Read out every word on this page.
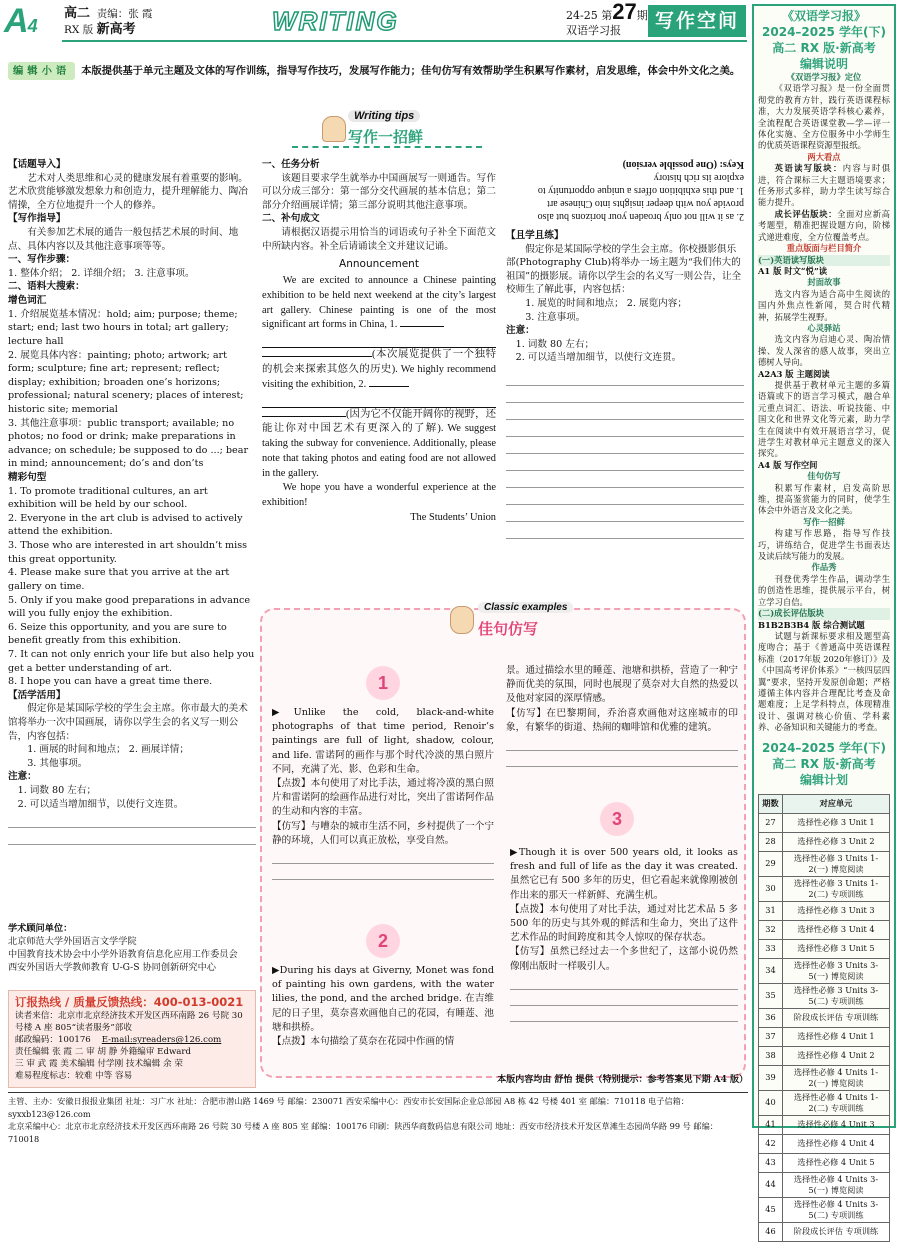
A4
高二 责编：张 霞
RX 版 新高考	WRITING	24-25 第27期
双语学习报	写作空间
编辑小语 本版提供基于单元主题及文体的写作训练，指导写作技巧，发展写作能力；佳句仿写有效帮助学生积累写作素材，启发思维，体会中外文化之美。
Writing tips
写作一招鲜

【话题导入】

艺术对人类思维和心灵的健康发展有着重要的影响。艺术欣赏能够激发想象力和创造力，提升理解能力、陶冶情操，全方位地提升一个人的修养。

【写作指导】

有关参加艺术展的通告一般包括艺术展的时间、地点、具体内容以及其他注意事项等等。

一、写作步骤：

1. 整体介绍； 2. 详细介绍； 3. 注意事项。

二、语料大搜索：

增色词汇

1. 介绍展览基本情况：hold; aim; purpose; theme; start; end; last two hours in total; art gallery; lecture hall

2. 展览具体内容：painting; photo; artwork; art form; sculpture; fine art; represent; reflect; display; exhibition; broaden one’s horizons; professional; natural scenery; places of interest; historic site; memorial

3. 其他注意事项：public transport; available; no photos; no food or drink; make preparations in advance; on schedule; be supposed to do ...; bear in mind; announcement; do’s and don’ts

精彩句型

1. To promote traditional cultures, an art exhibition will be held by our school.

2. Everyone in the art club is advised to actively attend the exhibition.

3. Those who are interested in art shouldn’t miss this great opportunity.

4. Please make sure that you arrive at the art gallery on time.

5. Only if you make good preparations in advance will you fully enjoy the exhibition.

6. Seize this opportunity, and you are sure to benefit greatly from this exhibition.

7. It can not only enrich your life but also help you get a better understanding of art.

8. I hope you can have a great time there.

【活学活用】

假定你是某国际学校的学生会主席。你市最大的美术馆将举办一次中国画展，请你以学生会的名义写一则公告，内容包括：

1. 画展的时间和地点； 2. 画展详情；

3. 其他事项。

注意：

1. 词数 80 左右；

2. 可以适当增加细节，以使行文连贯。

学术顾问单位：

北京师范大学外国语言文学学院

中国教育技术协会中小学外语教育信息化应用工作委员会

西安外国语大学教师教育 U-G-S 协同创新研究中心

订报热线 / 质量反馈热线：400-013-0021

读者来信：北京市北京经济技术开发区西环南路 26 号院 30 号楼 A 座 805“读者服务”部收

邮政编码：100176 E-mail:syreaders@126.com

责任编辑 张 霞 二 审 胡 静 外籍编审 Edward

三 审 武 霞 美术编辑 付学刚 技术编辑 余 荣

难易程度标志：较难 中等 容易

一、任务分析

该题目要求学生就举办中国画展写一则通告。写作可以分成三部分：第一部分交代画展的基本信息；第二部分介绍画展详情；第三部分说明其他注意事项。

二、补句成文

请根据汉语提示用恰当的词语或句子补全下面范文中所缺内容。补全后请诵读全文并建议记诵。

Announcement

We are excited to announce a Chinese painting exhibition to be held next weekend at the city’s largest art gallery. Chinese painting is one of the most significant art forms in China, 1.

(本次展览提供了一个独特的机会来探索其悠久的历史). We highly recommend visiting the exhibition, 2.

(因为它不仅能开阔你的视野，还能让你对中国艺术有更深入的了解). We suggest taking the subway for convenience. Additionally, please note that taking photos and eating food are not allowed in the gallery.

We hope you have a wonderful experience at the exhibition!

The Students’ Union

2. as it will not only broaden your horizons but also provide you with deeper insights into Chinese art

1. and this exhibition offers a unique opportunity to explore its rich history

Keys: (One possible version)

【且学且练】

假定你是某国际学校的学生会主席。你校摄影俱乐部(Photography Club)将举办一场主题为“我们伟大的祖国”的摄影展。请你以学生会的名义写一则公告，让全校师生了解此事，内容包括：

1. 展览的时间和地点； 2. 展览内容；

3. 注意事项。

注意：

1. 词数 80 左右；

2. 可以适当增加细节，以使行文连贯。

Classic examples
佳句仿写
1

▶Unlike the cold, black-and-white photographs of that time period, Renoir’s paintings are full of light, shadow, colour, and life. 雷诺阿的画作与那个时代冷淡的黑白照片不同，充满了光、影、色彩和生命。

【点拨】本句使用了对比手法，通过将冷漠的黑白照片和雷诺阿的绘画作品进行对比，突出了雷诺阿作品的生动和内容的丰富。

【仿写】与嘈杂的城市生活不同，乡村提供了一个宁静的环境，人们可以真正放松，享受自然。

2

▶During his days at Giverny, Monet was fond of painting his own gardens, with the water lilies, the pond, and the arched bridge. 在吉维尼的日子里，莫奈喜欢画他自己的花园，有睡莲、池塘和拱桥。

【点拨】本句描绘了莫奈在花园中作画的情

景。通过描绘水里的睡莲、池塘和拱桥，营造了一种宁静而优美的氛围，同时也展现了莫奈对大自然的热爱以及他对家园的深厚情感。

【仿写】在巴黎期间，乔治喜欢画他对这座城市的印象，有繁华的街道、热闹的咖啡馆和优雅的建筑。

3

▶Though it is over 500 years old, it looks as fresh and full of life as the day it was created. 虽然它已有 500 多年的历史，但它看起来就像刚被创作出来的那天一样新鲜、充满生机。

【点拨】本句使用了对比手法，通过对比艺术品 5 多 500 年的历史与其外观的鲜活和生命力，突出了这件艺术作品的时间跨度和其令人惊叹的保存状态。

【仿写】虽然已经过去一个多世纪了，这部小说仍然像刚出版时一样吸引人。

本版内容均由 舒怡 提供（特别提示：参考答案见下期 A4 版）

主管、主办：安徽日报报业集团 社址：习广水 社址：合肥市潜山路 1469 号 邮编：230071 西安采编中心：西安市长安国际企业总部园 A8 栋 42 号楼 401 室 邮编：710118 电子信箱：syxxb123@126.com

北京采编中心：北京市北京经济技术开发区西环南路 26 号院 30 号楼 A 座 805 室 邮编：100176 印刷：陕西华商数码信息有限公司 地址：西安市经济技术开发区草滩生态园尚华路 99 号 邮编：710018

《双语学习报》
2024–2025 学年(下)
高二 RX 版·新高考
编辑说明

《双语学习报》定位

《双语学习报》是一份全面贯彻党的教育方针，践行英语课程标准，大力发展英语学科核心素养，全流程配合英语课堂教—学—评一体化实施、全方位服务中小学师生的优质英语课程资源型报纸。

两大看点

英语读写版块：内容与时俱进，符合课标三大主题语境要求；任务形式多样，助力学生读写综合能力提升。

成长评估版块：全面对应新高考题型，精准把握设题方向，阶梯式递进难度，全方位覆盖考点。

重点版面与栏目简介

(一)英语读写版块

A1 版 时文“悦”读

封面故事

选文内容为适合高中生阅读的国内外焦点性新闻，契合时代精神，拓展学生视野。

心灵驿站

选文内容为启迪心灵、陶冶情操、发人深省的感人故事，突出立德树人导向。

A2A3 版 主题阅读

提供基于教材单元主题的多篇语篇或下的语言学习模式，融合单元重点词汇、语法、听说技能、中国文化和世界文化等元素，助力学生在阅读中有效开展语言学习，促进学生对教材单元主题意义的深入探究。

A4 版 写作空间

佳句仿写

积累写作素材，启发高阶思维，提高鉴赏能力的同时，使学生体会中外语言及文化之美。

写作一招鲜

构建写作思路，指导写作技巧，讲练结合，促进学生书面表达及读后续写能力的发展。

作品秀

刊登优秀学生作品，调动学生的创造性思维，提供展示平台，树立学习自信。

(二)成长评估版块

B1B2B3B4 版 综合测试题

试题与新课标要求相及题型高度吻合；基于《普通高中英语课程标准（2017年版 2020年修订）》及《中国高考评价体系》“一核四层四翼”要求，坚持开发原创命题；严格遵循主体内容并合理配比考查及命题难度；上足学科特点，体现精准设计、强调对核心价值、学科素养、必备知识和关键能力的考查。

2024–2025 学年(下)
高二 RX 版·新高考
编辑计划
期数	对应单元
27	选择性必修 3 Unit 1
28	选择性必修 3 Unit 2
29	选择性必修 3 Units 1-2(一) 博览阅读
30	选择性必修 3 Units 1-2(二) 专项训练
31	选择性必修 3 Unit 3
32	选择性必修 3 Unit 4
33	选择性必修 3 Unit 5
34	选择性必修 3 Units 3-5(一) 博览阅读
35	选择性必修 3 Units 3-5(二) 专项训练
36	阶段成长评估 专项训练
37	选择性必修 4 Unit 1
38	选择性必修 4 Unit 2
39	选择性必修 4 Units 1-2(一) 博览阅读
40	选择性必修 4 Units 1-2(二) 专项训练
41	选择性必修 4 Unit 3
42	选择性必修 4 Unit 4
43	选择性必修 4 Unit 5
44	选择性必修 4 Units 3-5(一) 博览阅读
45	选择性必修 4 Units 3-5(二) 专项训练
46	阶段成长评估 专项训练
